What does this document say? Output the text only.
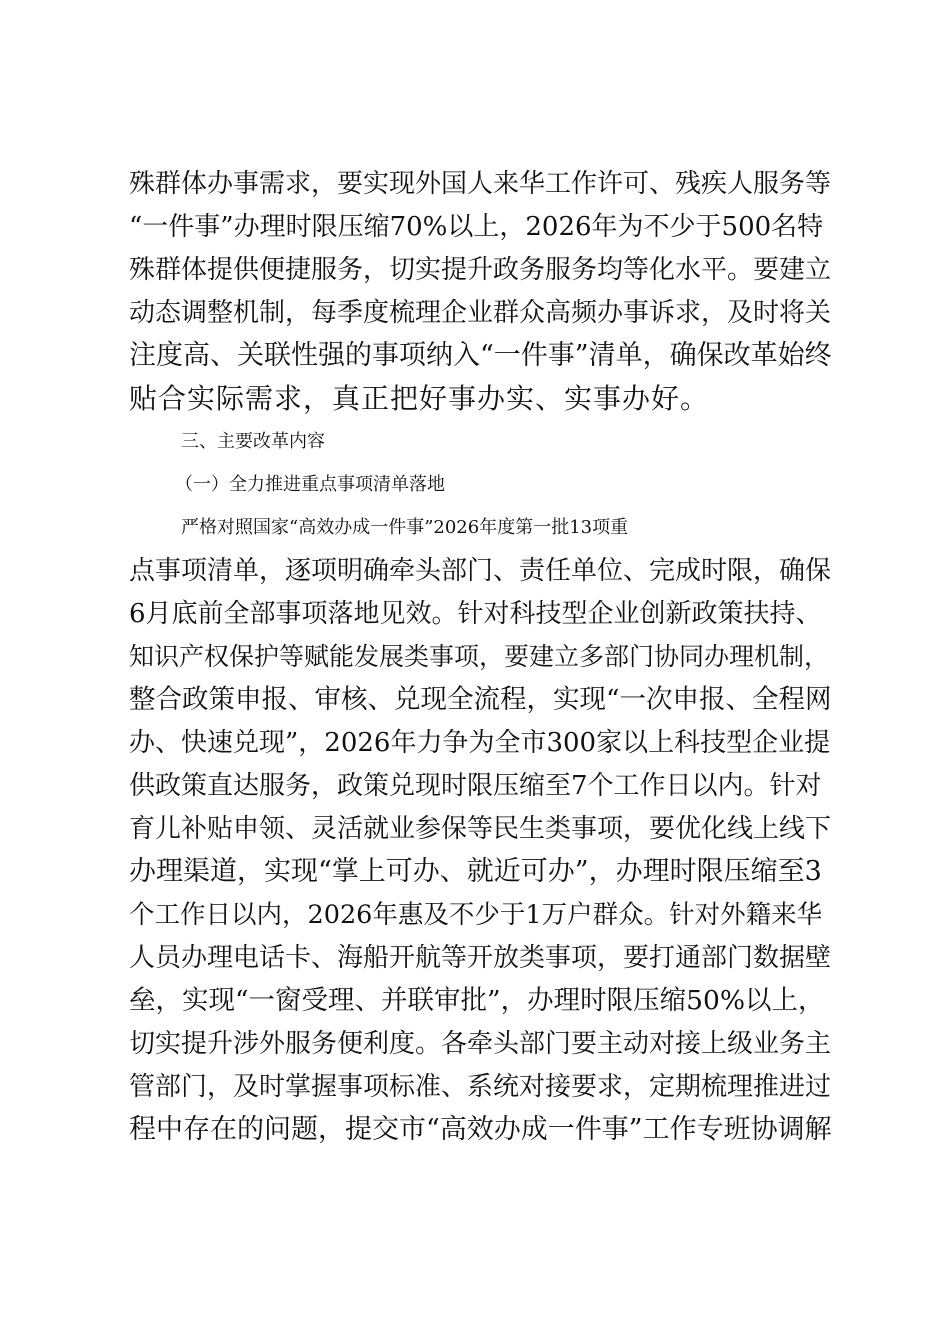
殊群体办事需求，要实现外国人来华工作许可、残疾人服务等
“一件事”办理时限压缩70%以上，2026年为不少于500名特
殊群体提供便捷服务，切实提升政务服务均等化水平。要建立
动态调整机制，每季度梳理企业群众高频办事诉求，及时将关
注度高、关联性强的事项纳入“一件事”清单，确保改革始终
贴合实际需求，真正把好事办实、实事办好。
三、主要改革内容
（一）全力推进重点事项清单落地
严格对照国家“高效办成一件事”2026年度第一批13项重
点事项清单，逐项明确牵头部门、责任单位、完成时限，确保
6月底前全部事项落地见效。针对科技型企业创新政策扶持、
知识产权保护等赋能发展类事项，要建立多部门协同办理机制，
整合政策申报、审核、兑现全流程，实现“一次申报、全程网
办、快速兑现”，2026年力争为全市300家以上科技型企业提
供政策直达服务，政策兑现时限压缩至7个工作日以内。针对
育儿补贴申领、灵活就业参保等民生类事项，要优化线上线下
办理渠道，实现“掌上可办、就近可办”，办理时限压缩至3
个工作日以内，2026年惠及不少于1万户群众。针对外籍来华
人员办理电话卡、海船开航等开放类事项，要打通部门数据壁
垒，实现“一窗受理、并联审批”，办理时限压缩50%以上，
切实提升涉外服务便利度。各牵头部门要主动对接上级业务主
管部门，及时掌握事项标准、系统对接要求，定期梳理推进过
程中存在的问题，提交市“高效办成一件事”工作专班协调解
